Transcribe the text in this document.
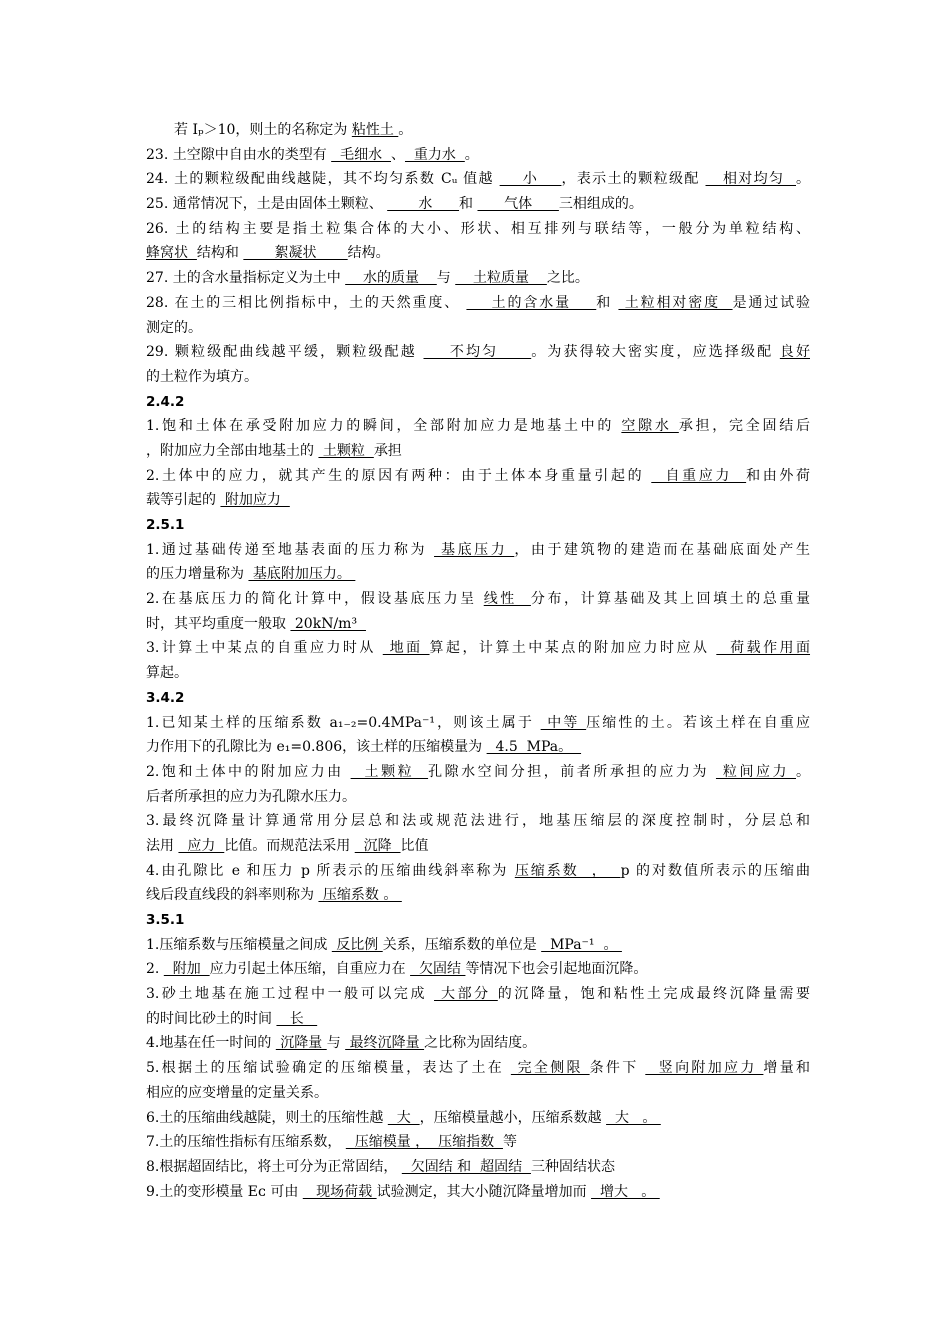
若 Iₚ＞10，则土的名称定为 粘性土 。
23. 土空隙中自由水的类型有   毛细水  、  重力水  。
24. 土的颗粒级配曲线越陡，其不均匀系数 Cᵤ 值越     小    ，表示土的颗粒级配    相对均匀  。
25. 通常情况下，土是由固体土颗粒、        水      和       气体      三相组成的。
26. 土的结构主要是指土粒集合体的大小、形状、相互排列与联结等，一般分为单粒结构、
蜂窝状  结构和        絮凝状       结构。
27. 土的含水量指标定义为土中     水的质量    与     土粒质量    之比。
28. 在土的三相比例指标中，土的天然重度、     土的含水量    和  土粒相对密度  是通过试验
测定的。
29. 颗粒级配曲线越平缓，颗粒级配越     不均匀     。为获得较大密实度，应选择级配 良好
的土粒作为填方。
2.4.2
1.饱和土体在承受附加应力的瞬间，全部附加应力是地基土中的 空隙水 承担，完全固结后
，附加应力全部由地基土的  土颗粒  承担
2.土体中的应力，就其产生的原因有两种：由于土体本身重量引起的   自重应力  和由外荷
载等引起的  附加应力
2.5.1
1.通过基础传递至地基表面的压力称为  基底压力 ，由于建筑物的建造而在基础底面处产生
的压力增量称为  基底附加压力。
2.在基底压力的简化计算中，假设基底压力呈 线性  分布，计算基础及其上回填土的总重量
时，其平均重度一般取  20kN/m³
3.计算土中某点的自重应力时从  地面 算起，计算土中某点的附加应力时应从   荷载作用面
算起。
3.4.2
1.已知某土样的压缩系数 a₁₋₂=0.4MPa⁻¹，则该土属于  中等 压缩性的土。若该土样在自重应
力作用下的孔隙比为 e₁=0.806，该土样的压缩模量为   4.5  MPa。
2.饱和土体中的附加应力由   土颗粒  孔隙水空间分担，前者所承担的应力为  粒间应力 。
后者所承担的应力为孔隙水压力。
3.最终沉降量计算通常用分层总和法或规范法进行，地基压缩层的深度控制时，分层总和
法用   应力  比值。而规范法采用   沉降  比值
4.由孔隙比 e 和压力 p 所表示的压缩曲线斜率称为 压缩系数  ，  p 的对数值所表示的压缩曲
线后段直线段的斜率则称为  压缩系数 。
3.5.1
1.压缩系数与压缩模量之间成  反比例 关系，压缩系数的单位是   MPa⁻¹  。
2.   附加  应力引起土体压缩，自重应力在   欠固结 等情况下也会引起地面沉降。
3.砂土地基在施工过程中一般可以完成  大部分 的沉降量，饱和粘性土完成最终沉降量需要
的时间比砂土的时间    长
4.地基在任一时间的  沉降量 与  最终沉降量 之比称为固结度。
5.根据土的压缩试验确定的压缩模量，表达了土在  完全侧限 条件下   竖向附加应力 增量和
相应的应变增量的定量关系。
6.土的压缩曲线越陡，则土的压缩性越   大  ，压缩模量越小，压缩系数越   大   。
7.土的压缩性指标有压缩系数，   压缩模量 ，  压缩指数  等
8.根据超固结比，将土可分为正常固结，   欠固结 和  超固结  三种固结状态
9.土的变形模量 Eᴄ 可由    现场荷载 试验测定，其大小随沉降量增加而   增大   。
